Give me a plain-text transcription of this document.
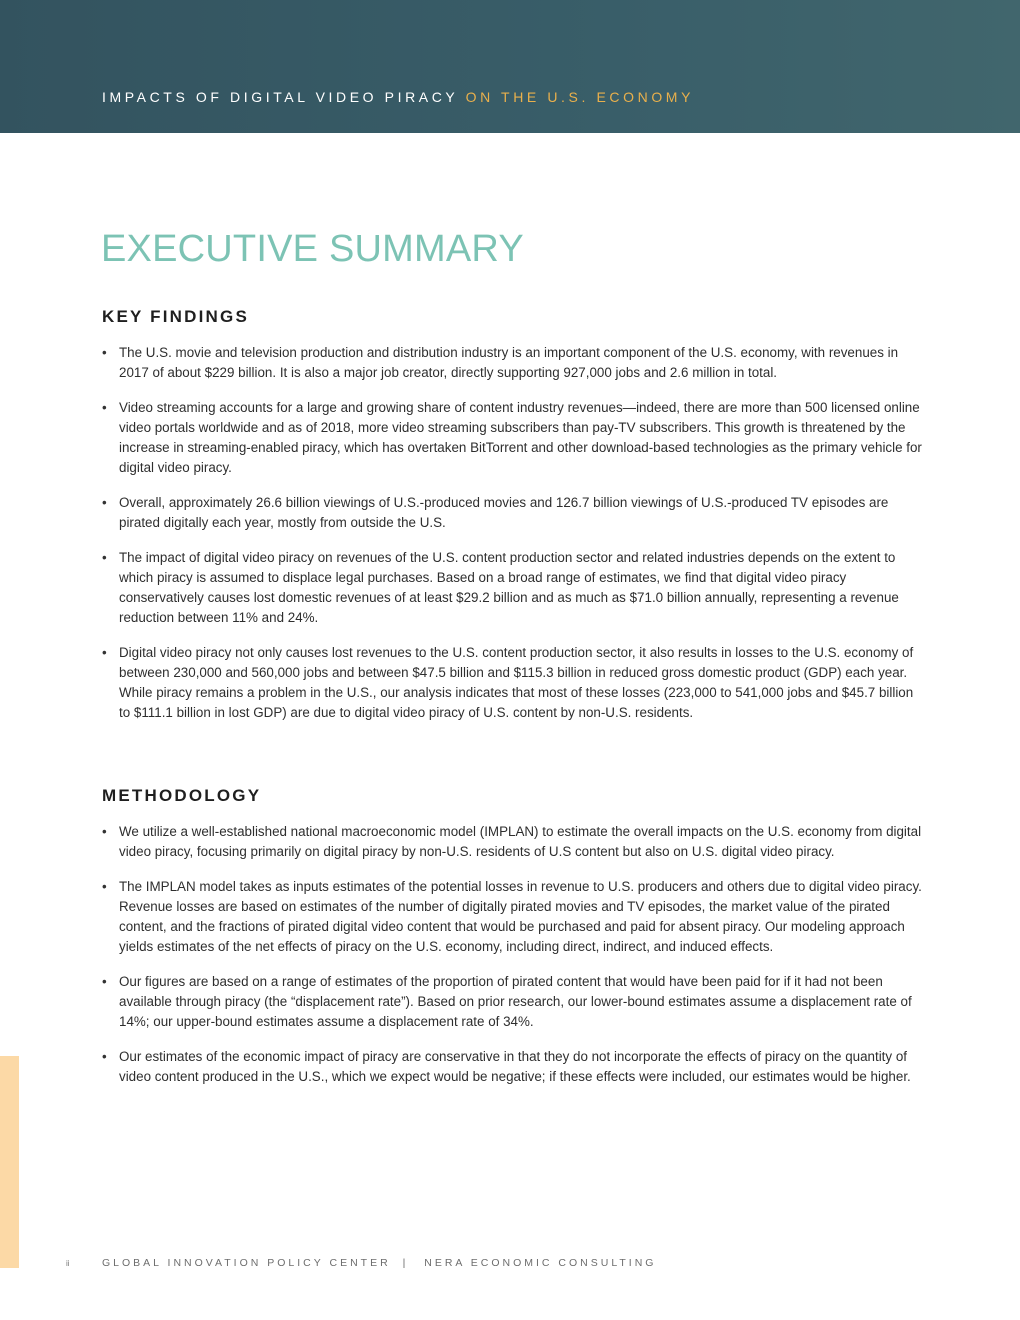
IMPACTS OF DIGITAL VIDEO PIRACY ON THE U.S. ECONOMY
EXECUTIVE SUMMARY
KEY FINDINGS
• The U.S. movie and television production and distribution industry is an important component of the U.S. economy, with revenues in 2017 of about $229 billion. It is also a major job creator, directly supporting 927,000 jobs and 2.6 million in total.
• Video streaming accounts for a large and growing share of content industry revenues—indeed, there are more than 500 licensed online video portals worldwide and as of 2018, more video streaming subscribers than pay-TV subscribers. This growth is threatened by the increase in streaming-enabled piracy, which has overtaken BitTorrent and other download-based technologies as the primary vehicle for digital video piracy.
• Overall, approximately 26.6 billion viewings of U.S.-produced movies and 126.7 billion viewings of U.S.-produced TV episodes are pirated digitally each year, mostly from outside the U.S.
• The impact of digital video piracy on revenues of the U.S. content production sector and related industries depends on the extent to which piracy is assumed to displace legal purchases. Based on a broad range of estimates, we find that digital video piracy conservatively causes lost domestic revenues of at least $29.2 billion and as much as $71.0 billion annually, representing a revenue reduction between 11% and 24%.
• Digital video piracy not only causes lost revenues to the U.S. content production sector, it also results in losses to the U.S. economy of between 230,000 and 560,000 jobs and between $47.5 billion and $115.3 billion in reduced gross domestic product (GDP) each year. While piracy remains a problem in the U.S., our analysis indicates that most of these losses (223,000 to 541,000 jobs and $45.7 billion to $111.1 billion in lost GDP) are due to digital video piracy of U.S. content by non-U.S. residents.
METHODOLOGY
• We utilize a well-established national macroeconomic model (IMPLAN) to estimate the overall impacts on the U.S. economy from digital video piracy, focusing primarily on digital piracy by non-U.S. residents of U.S content but also on U.S. digital video piracy.
• The IMPLAN model takes as inputs estimates of the potential losses in revenue to U.S. producers and others due to digital video piracy. Revenue losses are based on estimates of the number of digitally pirated movies and TV episodes, the market value of the pirated content, and the fractions of pirated digital video content that would be purchased and paid for absent piracy. Our modeling approach yields estimates of the net effects of piracy on the U.S. economy, including direct, indirect, and induced effects.
• Our figures are based on a range of estimates of the proportion of pirated content that would have been paid for if it had not been available through piracy (the “displacement rate”). Based on prior research, our lower-bound estimates assume a displacement rate of 14%; our upper-bound estimates assume a displacement rate of 34%.
• Our estimates of the economic impact of piracy are conservative in that they do not incorporate the effects of piracy on the quantity of video content produced in the U.S., which we expect would be negative; if these effects were included, our estimates would be higher.
ii	GLOBAL INNOVATION POLICY CENTER | NERA ECONOMIC CONSULTING
